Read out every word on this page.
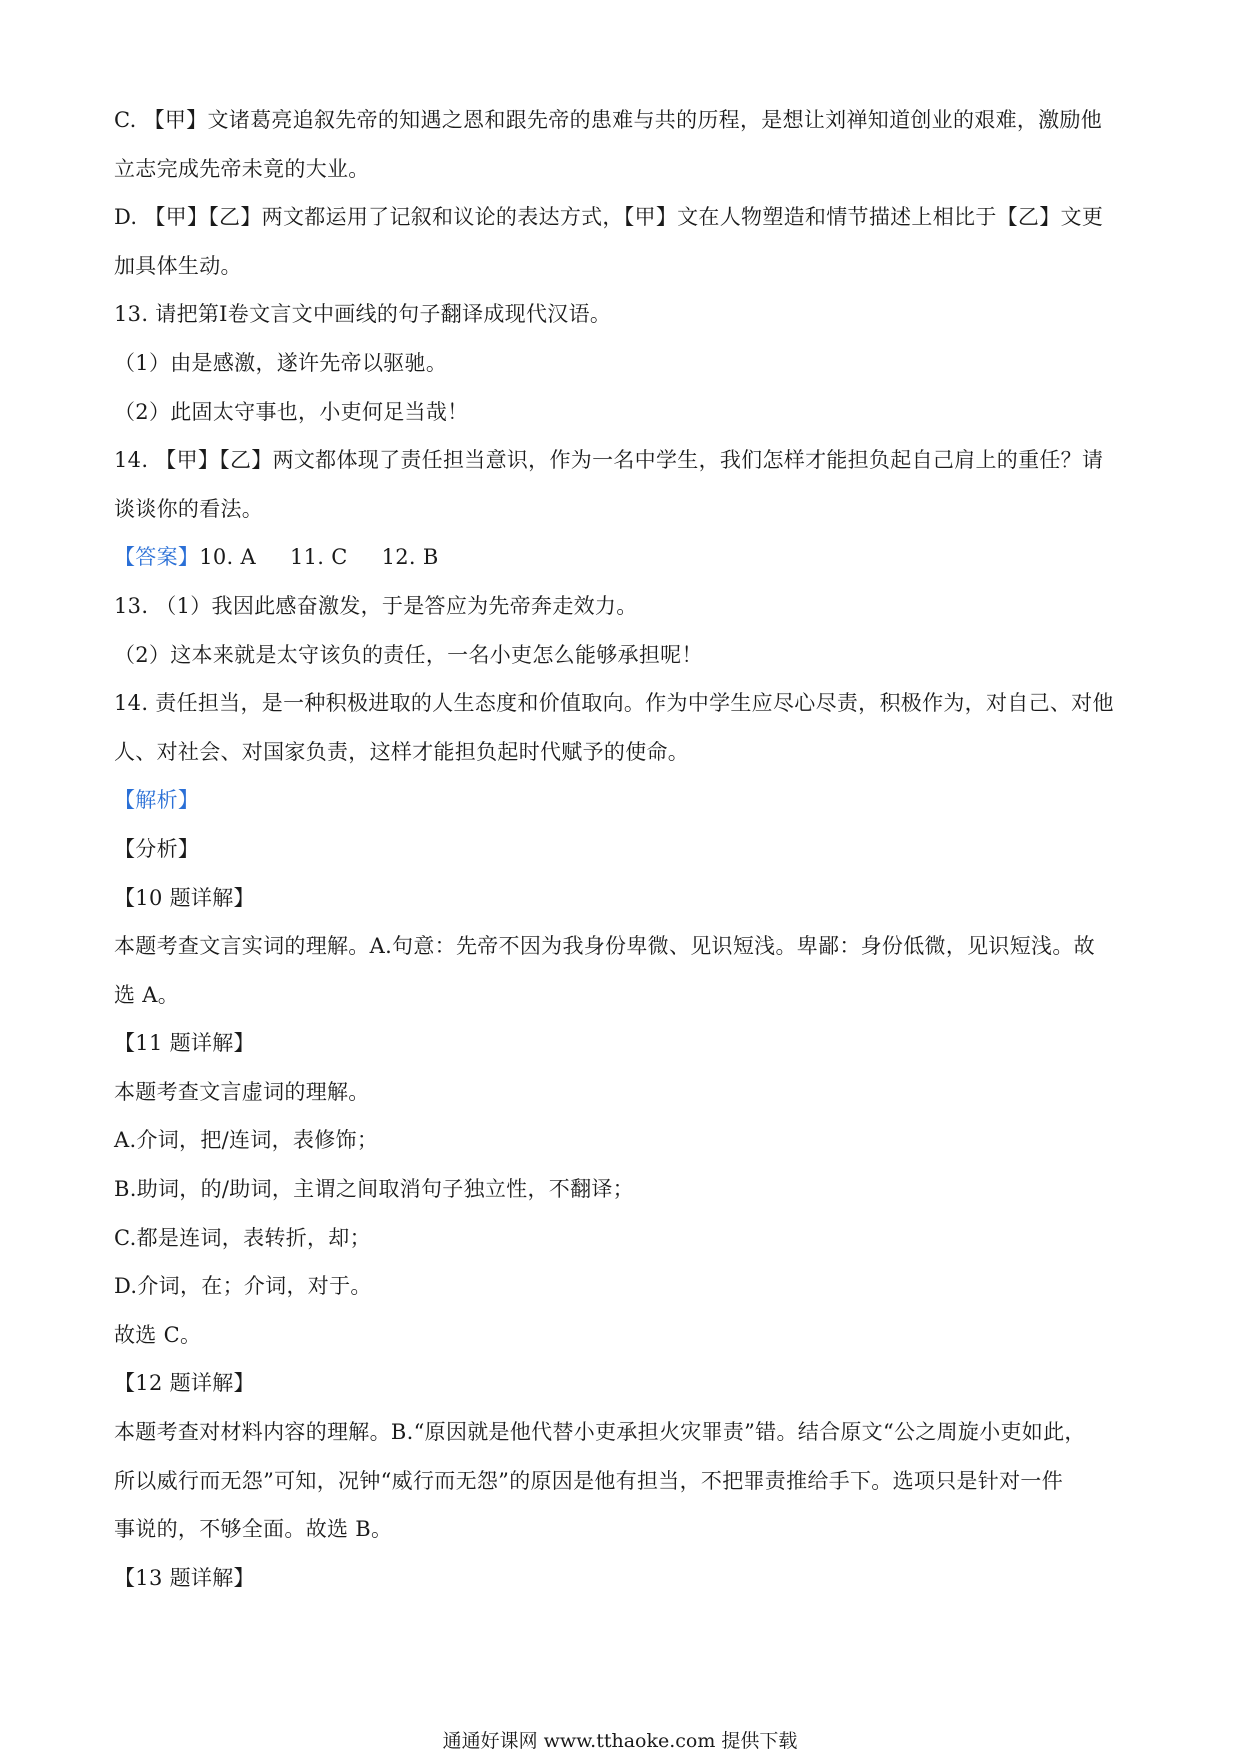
C. 【甲】文诸葛亮追叙先帝的知遇之恩和跟先帝的患难与共的历程，是想让刘禅知道创业的艰难，激励他
立志完成先帝未竟的大业。
D. 【甲】【乙】两文都运用了记叙和议论的表达方式，【甲】文在人物塑造和情节描述上相比于【乙】文更
加具体生动。
13. 请把第Ⅰ卷文言文中画线的句子翻译成现代汉语。
（1）由是感激，遂许先帝以驱驰。
（2）此固太守事也，小吏何足当哉！
14. 【甲】【乙】两文都体现了责任担当意识，作为一名中学生，我们怎样才能担负起自己肩上的重任？请
谈谈你的看法。
【答案】10. A 11. C 12. B
13. （1）我因此感奋激发，于是答应为先帝奔走效力。
（2）这本来就是太守该负的责任，一名小吏怎么能够承担呢！
14. 责任担当，是一种积极进取的人生态度和价值取向。作为中学生应尽心尽责，积极作为，对自己、对他
人、对社会、对国家负责，这样才能担负起时代赋予的使命。
【解析】
【分析】
【10 题详解】
本题考查文言实词的理解。A.句意：先帝不因为我身份卑微、见识短浅。卑鄙：身份低微，见识短浅。故
选 A。
【11 题详解】
本题考查文言虚词的理解。
A.介词，把/连词，表修饰；
B.助词，的/助词，主谓之间取消句子独立性，不翻译；
C.都是连词，表转折，却；
D.介词，在；介词，对于。
故选 C。
【12 题详解】
本题考查对材料内容的理解。B.“原因就是他代替小吏承担火灾罪责”错。结合原文“公之周旋小吏如此，
所以威行而无怨”可知，况钟“威行而无怨”的原因是他有担当，不把罪责推给手下。选项只是针对一件
事说的，不够全面。故选 B。
【13 题详解】
通通好课网 www.tthaoke.com 提供下载
